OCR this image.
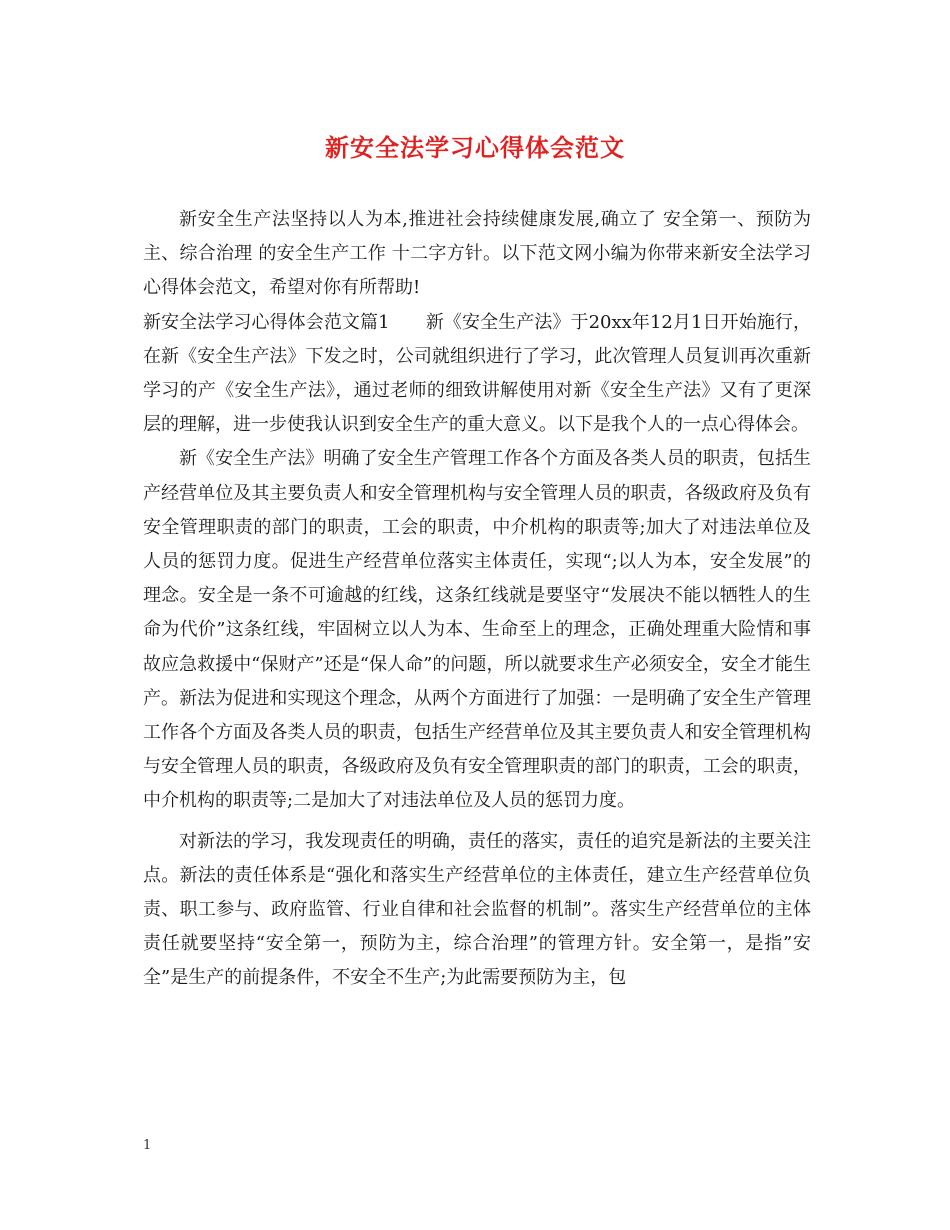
新安全法学习心得体会范文

新安全生产法坚持以人为本,推进社会持续健康发展,确立了 安全第一、预防为主、综合治理 的安全生产工作 十二字方针。以下范文网小编为你带来新安全法学习心得体会范文，希望对你有所帮助!

新安全法学习心得体会范文篇1　　新《安全生产法》于20xx年12月1日开始施行，在新《安全生产法》下发之时，公司就组织进行了学习，此次管理人员复训再次重新学习的产《安全生产法》，通过老师的细致讲解使用对新《安全生产法》又有了更深层的理解，进一步使我认识到安全生产的重大意义。以下是我个人的一点心得体会。

新《安全生产法》明确了安全生产管理工作各个方面及各类人员的职责，包括生产经营单位及其主要负责人和安全管理机构与安全管理人员的职责，各级政府及负有安全管理职责的部门的职责，工会的职责，中介机构的职责等;加大了对违法单位及人员的惩罚力度。促进生产经营单位落实主体责任，实现“;以人为本，安全发展”的理念。安全是一条不可逾越的红线，这条红线就是要坚守“发展决不能以牺牲人的生命为代价”这条红线，牢固树立以人为本、生命至上的理念，正确处理重大险情和事故应急救援中“保财产”还是“保人命”的问题，所以就要求生产必须安全，安全才能生产。新法为促进和实现这个理念，从两个方面进行了加强：一是明确了安全生产管理工作各个方面及各类人员的职责，包括生产经营单位及其主要负责人和安全管理机构与安全管理人员的职责，各级政府及负有安全管理职责的部门的职责，工会的职责，中介机构的职责等;二是加大了对违法单位及人员的惩罚力度。

对新法的学习，我发现责任的明确，责任的落实，责任的追究是新法的主要关注点。新法的责任体系是“强化和落实生产经营单位的主体责任，建立生产经营单位负责、职工参与、政府监管、行业自律和社会监督的机制”。落实生产经营单位的主体责任就要坚持“安全第一，预防为主，综合治理”的管理方针。安全第一，是指”安全”是生产的前提条件，不安全不生产;为此需要预防为主，包

1
